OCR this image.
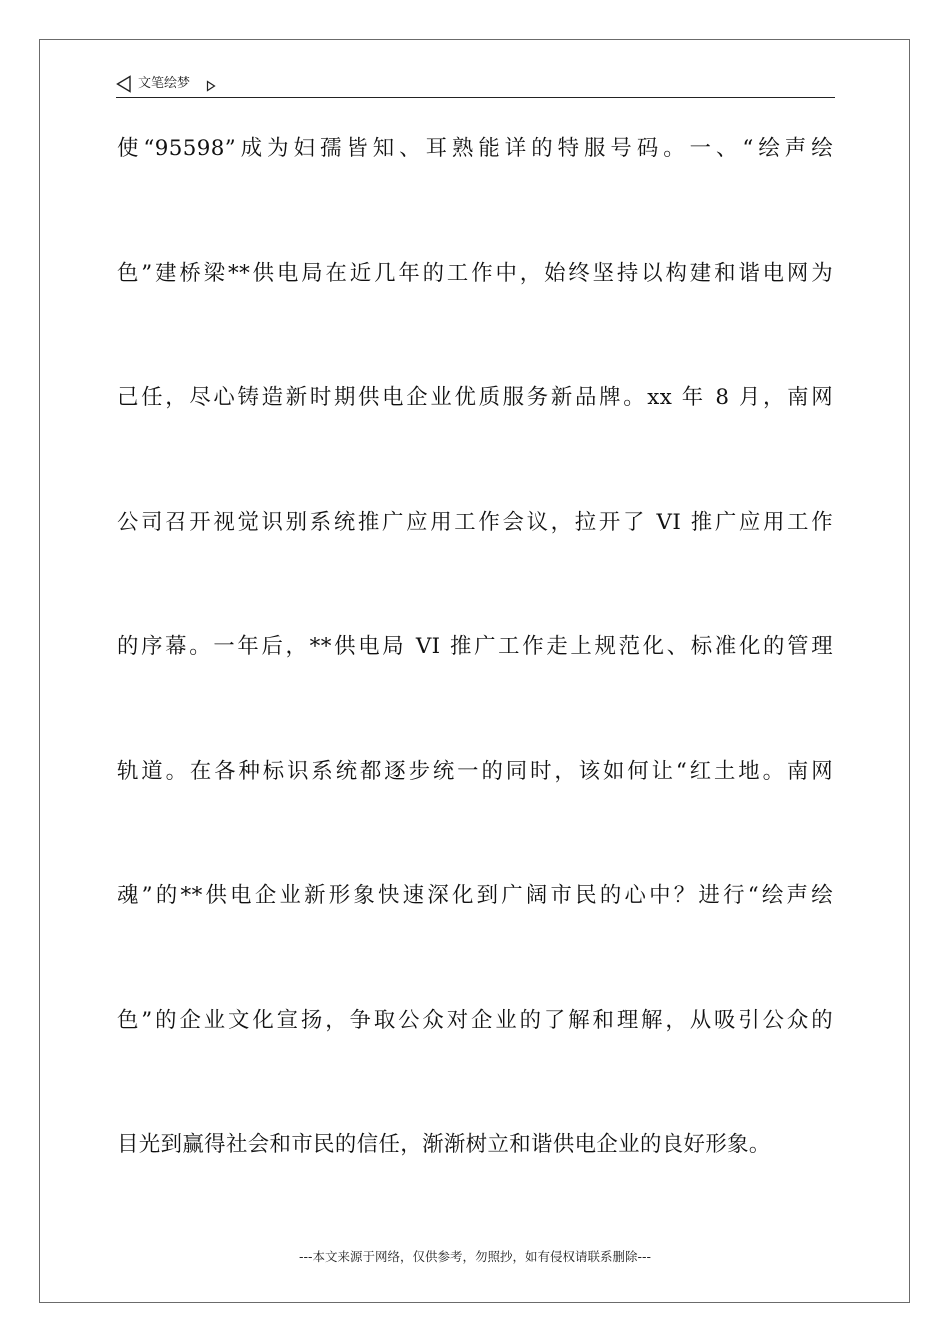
文笔绘梦
使“95598”成为妇孺皆知、耳熟能详的特服号码。一、“绘声绘
色”建桥梁**供电局在近几年的工作中，始终坚持以构建和谐电网为
己任，尽心铸造新时期供电企业优质服务新品牌。xx 年 8 月，南网
公司召开视觉识别系统推广应用工作会议，拉开了 VI 推广应用工作
的序幕。一年后，**供电局 VI 推广工作走上规范化、标准化的管理
轨道。在各种标识系统都逐步统一的同时，该如何让“红土地。南网
魂”的**供电企业新形象快速深化到广阔市民的心中？进行“绘声绘
色”的企业文化宣扬，争取公众对企业的了解和理解，从吸引公众的
目光到赢得社会和市民的信任，渐渐树立和谐供电企业的良好形象。
---本文来源于网络，仅供参考，勿照抄，如有侵权请联系删除---
